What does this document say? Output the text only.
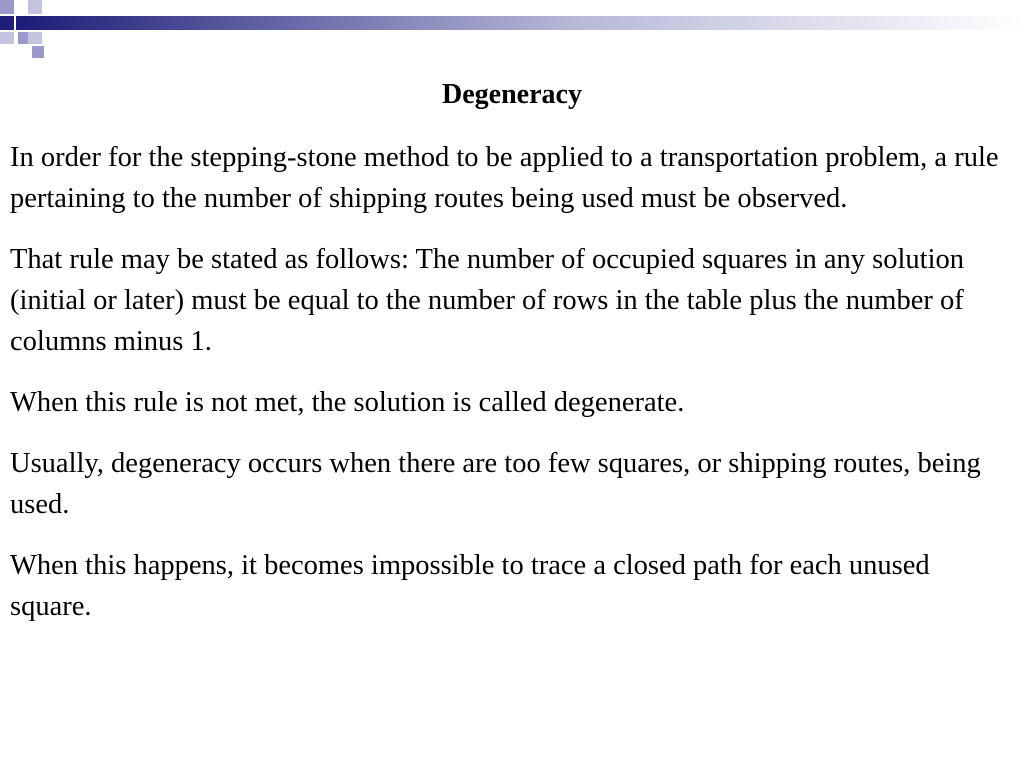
Degeneracy

In order for the stepping-stone method to be applied to a transportation problem, a rule pertaining to the number of shipping routes being used must be observed.

That rule may be stated as follows: The number of occupied squares in any solution (initial or later) must be equal to the number of rows in the table plus the number of columns minus 1.

When this rule is not met, the solution is called degenerate.

Usually, degeneracy occurs when there are too few squares, or shipping routes, being used.

When this happens, it becomes impossible to trace a closed path for each unused square.
